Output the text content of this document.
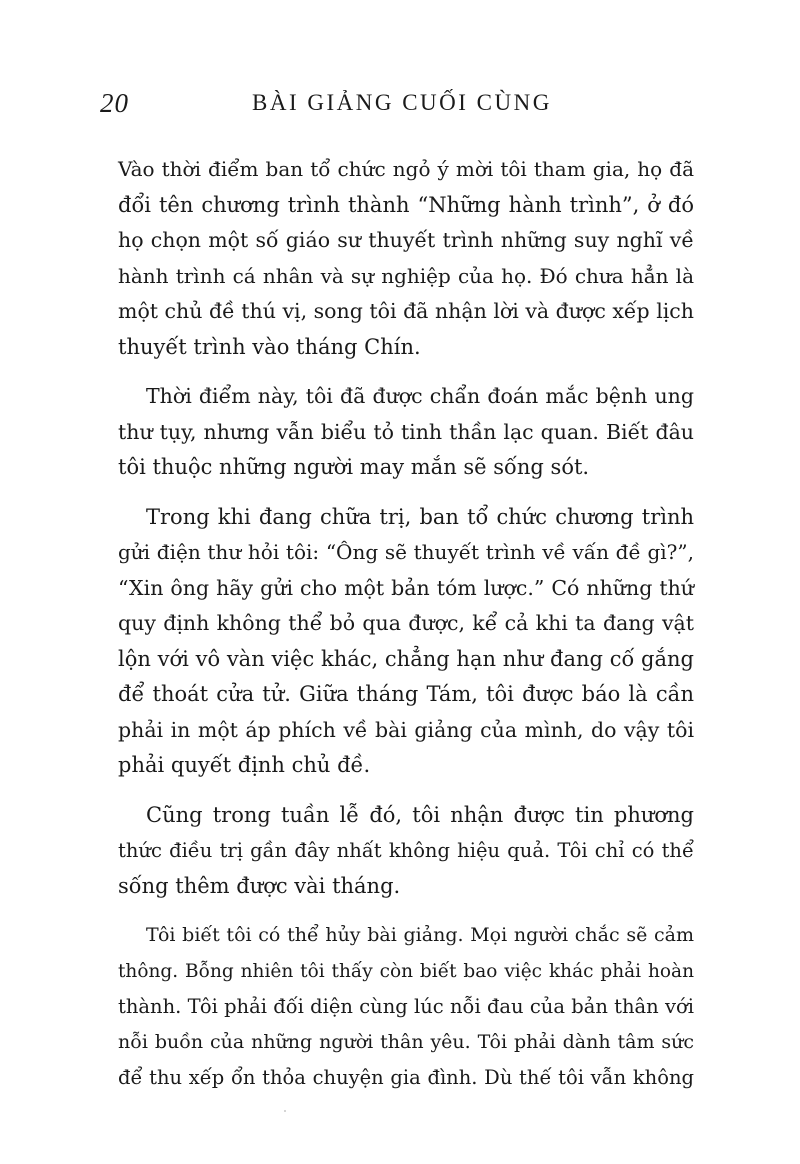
20	BÀI GIẢNG CUỐI CÙNG

Vào thời điểm ban tổ chức ngỏ ý mời tôi tham gia, họ đã
đổi tên chương trình thành “Những hành trình”, ở đó
họ chọn một số giáo sư thuyết trình những suy nghĩ về
hành trình cá nhân và sự nghiệp của họ. Đó chưa hẳn là
một chủ đề thú vị, song tôi đã nhận lời và được xếp lịch
thuyết trình vào tháng Chín.

Thời điểm này, tôi đã được chẩn đoán mắc bệnh ung
thư tụy, nhưng vẫn biểu tỏ tinh thần lạc quan. Biết đâu
tôi thuộc những người may mắn sẽ sống sót.

Trong khi đang chữa trị, ban tổ chức chương trình
gửi điện thư hỏi tôi: “Ông sẽ thuyết trình về vấn đề gì?”,
“Xin ông hãy gửi cho một bản tóm lược.” Có những thứ
quy định không thể bỏ qua được, kể cả khi ta đang vật
lộn với vô vàn việc khác, chẳng hạn như đang cố gắng
để thoát cửa tử. Giữa tháng Tám, tôi được báo là cần
phải in một áp phích về bài giảng của mình, do vậy tôi
phải quyết định chủ đề.

Cũng trong tuần lễ đó, tôi nhận được tin phương
thức điều trị gần đây nhất không hiệu quả. Tôi chỉ có thể
sống thêm được vài tháng.

Tôi biết tôi có thể hủy bài giảng. Mọi người chắc sẽ cảm
thông. Bỗng nhiên tôi thấy còn biết bao việc khác phải hoàn
thành. Tôi phải đối diện cùng lúc nỗi đau của bản thân với
nỗi buồn của những người thân yêu. Tôi phải dành tâm sức
để thu xếp ổn thỏa chuyện gia đình. Dù thế tôi vẫn không
